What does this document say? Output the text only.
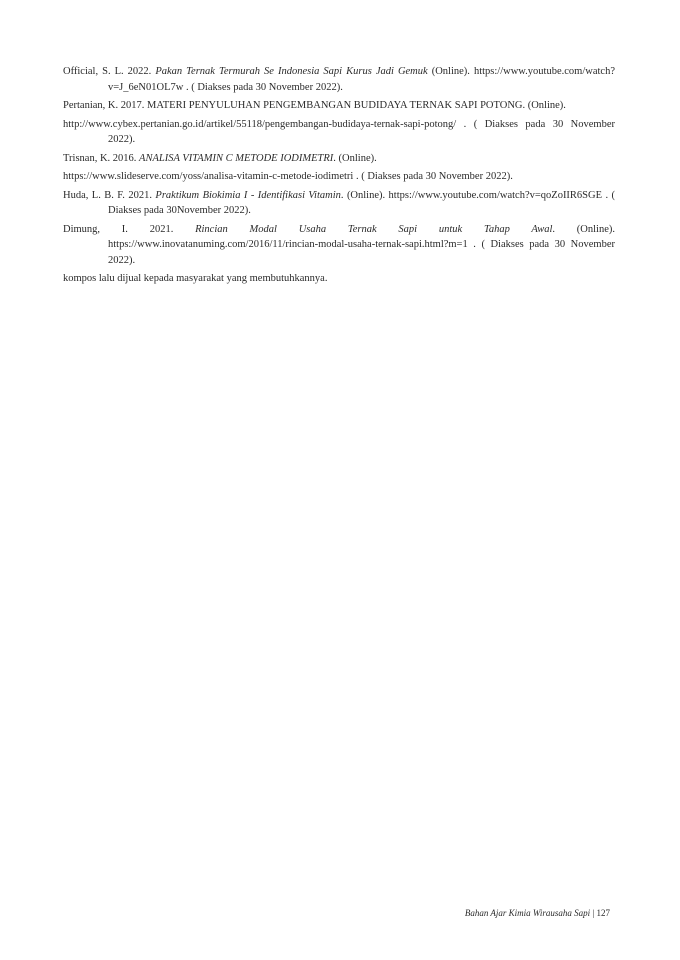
Official, S. L. 2022. Pakan Ternak Termurah Se Indonesia Sapi Kurus Jadi Gemuk (Online). https://www.youtube.com/watch?v=J_6eN01OL7w . ( Diakses pada 30 November 2022).

Pertanian, K. 2017. MATERI PENYULUHAN PENGEMBANGAN BUDIDAYA TERNAK SAPI POTONG. (Online).

http://www.cybex.pertanian.go.id/artikel/55118/pengembangan-budidaya-ternak-sapi-potong/ . ( Diakses pada 30 November 2022).

Trisnan, K. 2016. ANALISA VITAMIN C METODE IODIMETRI. (Online).

https://www.slideserve.com/yoss/analisa-vitamin-c-metode-iodimetri . ( Diakses pada 30 November 2022).

Huda, L. B. F. 2021. Praktikum Biokimia I - Identifikasi Vitamin. (Online). https://www.youtube.com/watch?v=qoZoIIR6SGE . ( Diakses pada 30November 2022).

Dimung, I. 2021. Rincian Modal Usaha Ternak Sapi untuk Tahap Awal. (Online). https://www.inovatanuming.com/2016/11/rincian-modal-usaha-ternak-sapi.html?m=1 . ( Diakses pada 30 November 2022).

kompos lalu dijual kepada masyarakat yang membutuhkannya.

Bahan Ajar Kimia Wirausaha Sapi | 127
